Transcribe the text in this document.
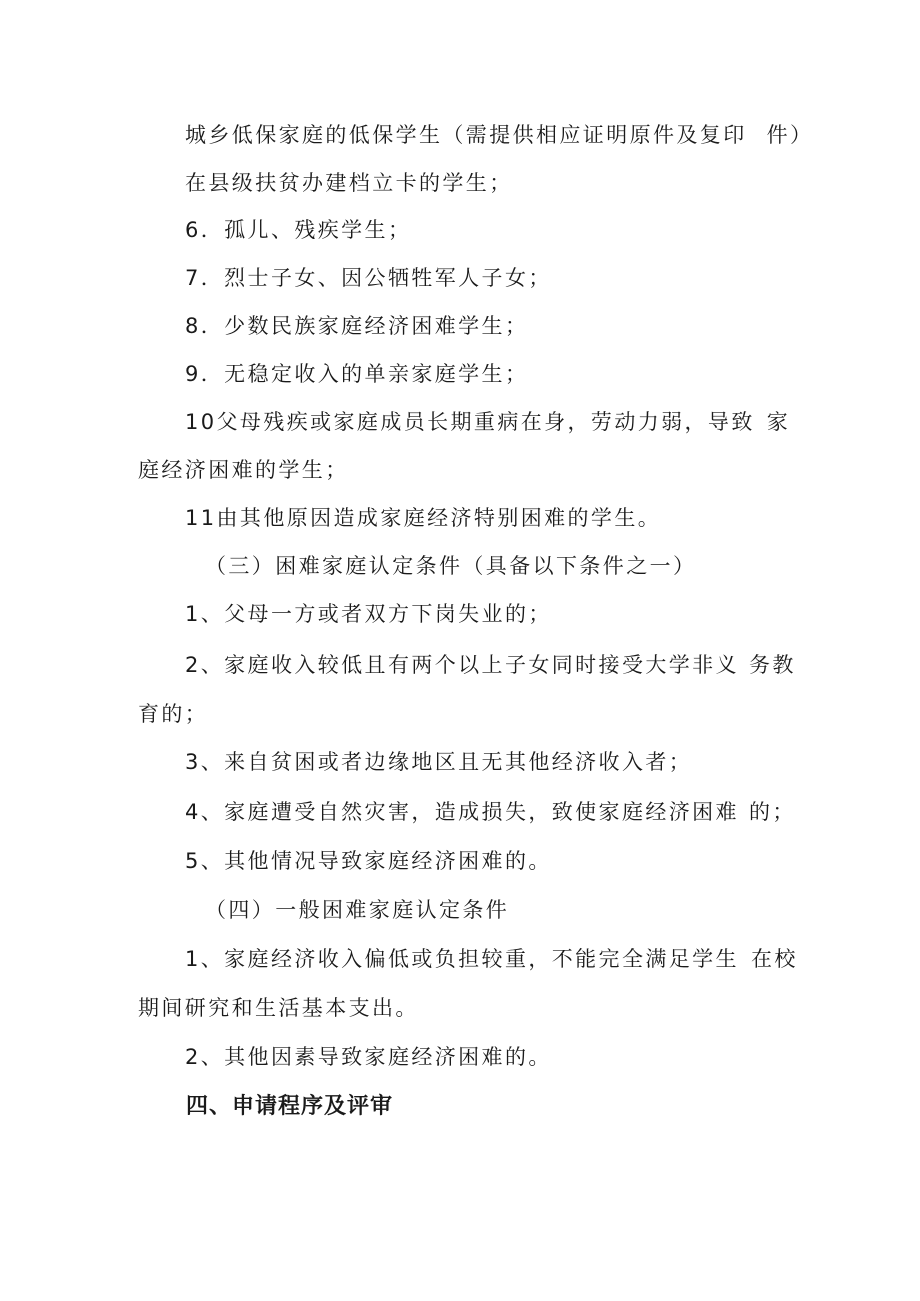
城乡低保家庭的低保学生（需提供相应证明原件及复印 件）
在县级扶贫办建档立卡的学生；
6．孤儿、残疾学生；
7．烈士子女、因公牺牲军人子女；
8．少数民族家庭经济困难学生；
9．无稳定收入的单亲家庭学生；
10父母残疾或家庭成员长期重病在身，劳动力弱，导致 家
庭经济困难的学生；
11由其他原因造成家庭经济特别困难的学生。
（三）困难家庭认定条件（具备以下条件之一）
1、父母一方或者双方下岗失业的；
2、家庭收入较低且有两个以上子女同时接受大学非义 务教
育的；
3、来自贫困或者边缘地区且无其他经济收入者；
4、家庭遭受自然灾害，造成损失，致使家庭经济困难 的；
5、其他情况导致家庭经济困难的。
（四）一般困难家庭认定条件
1、家庭经济收入偏低或负担较重，不能完全满足学生 在校
期间研究和生活基本支出。
2、其他因素导致家庭经济困难的。
四、申请程序及评审
